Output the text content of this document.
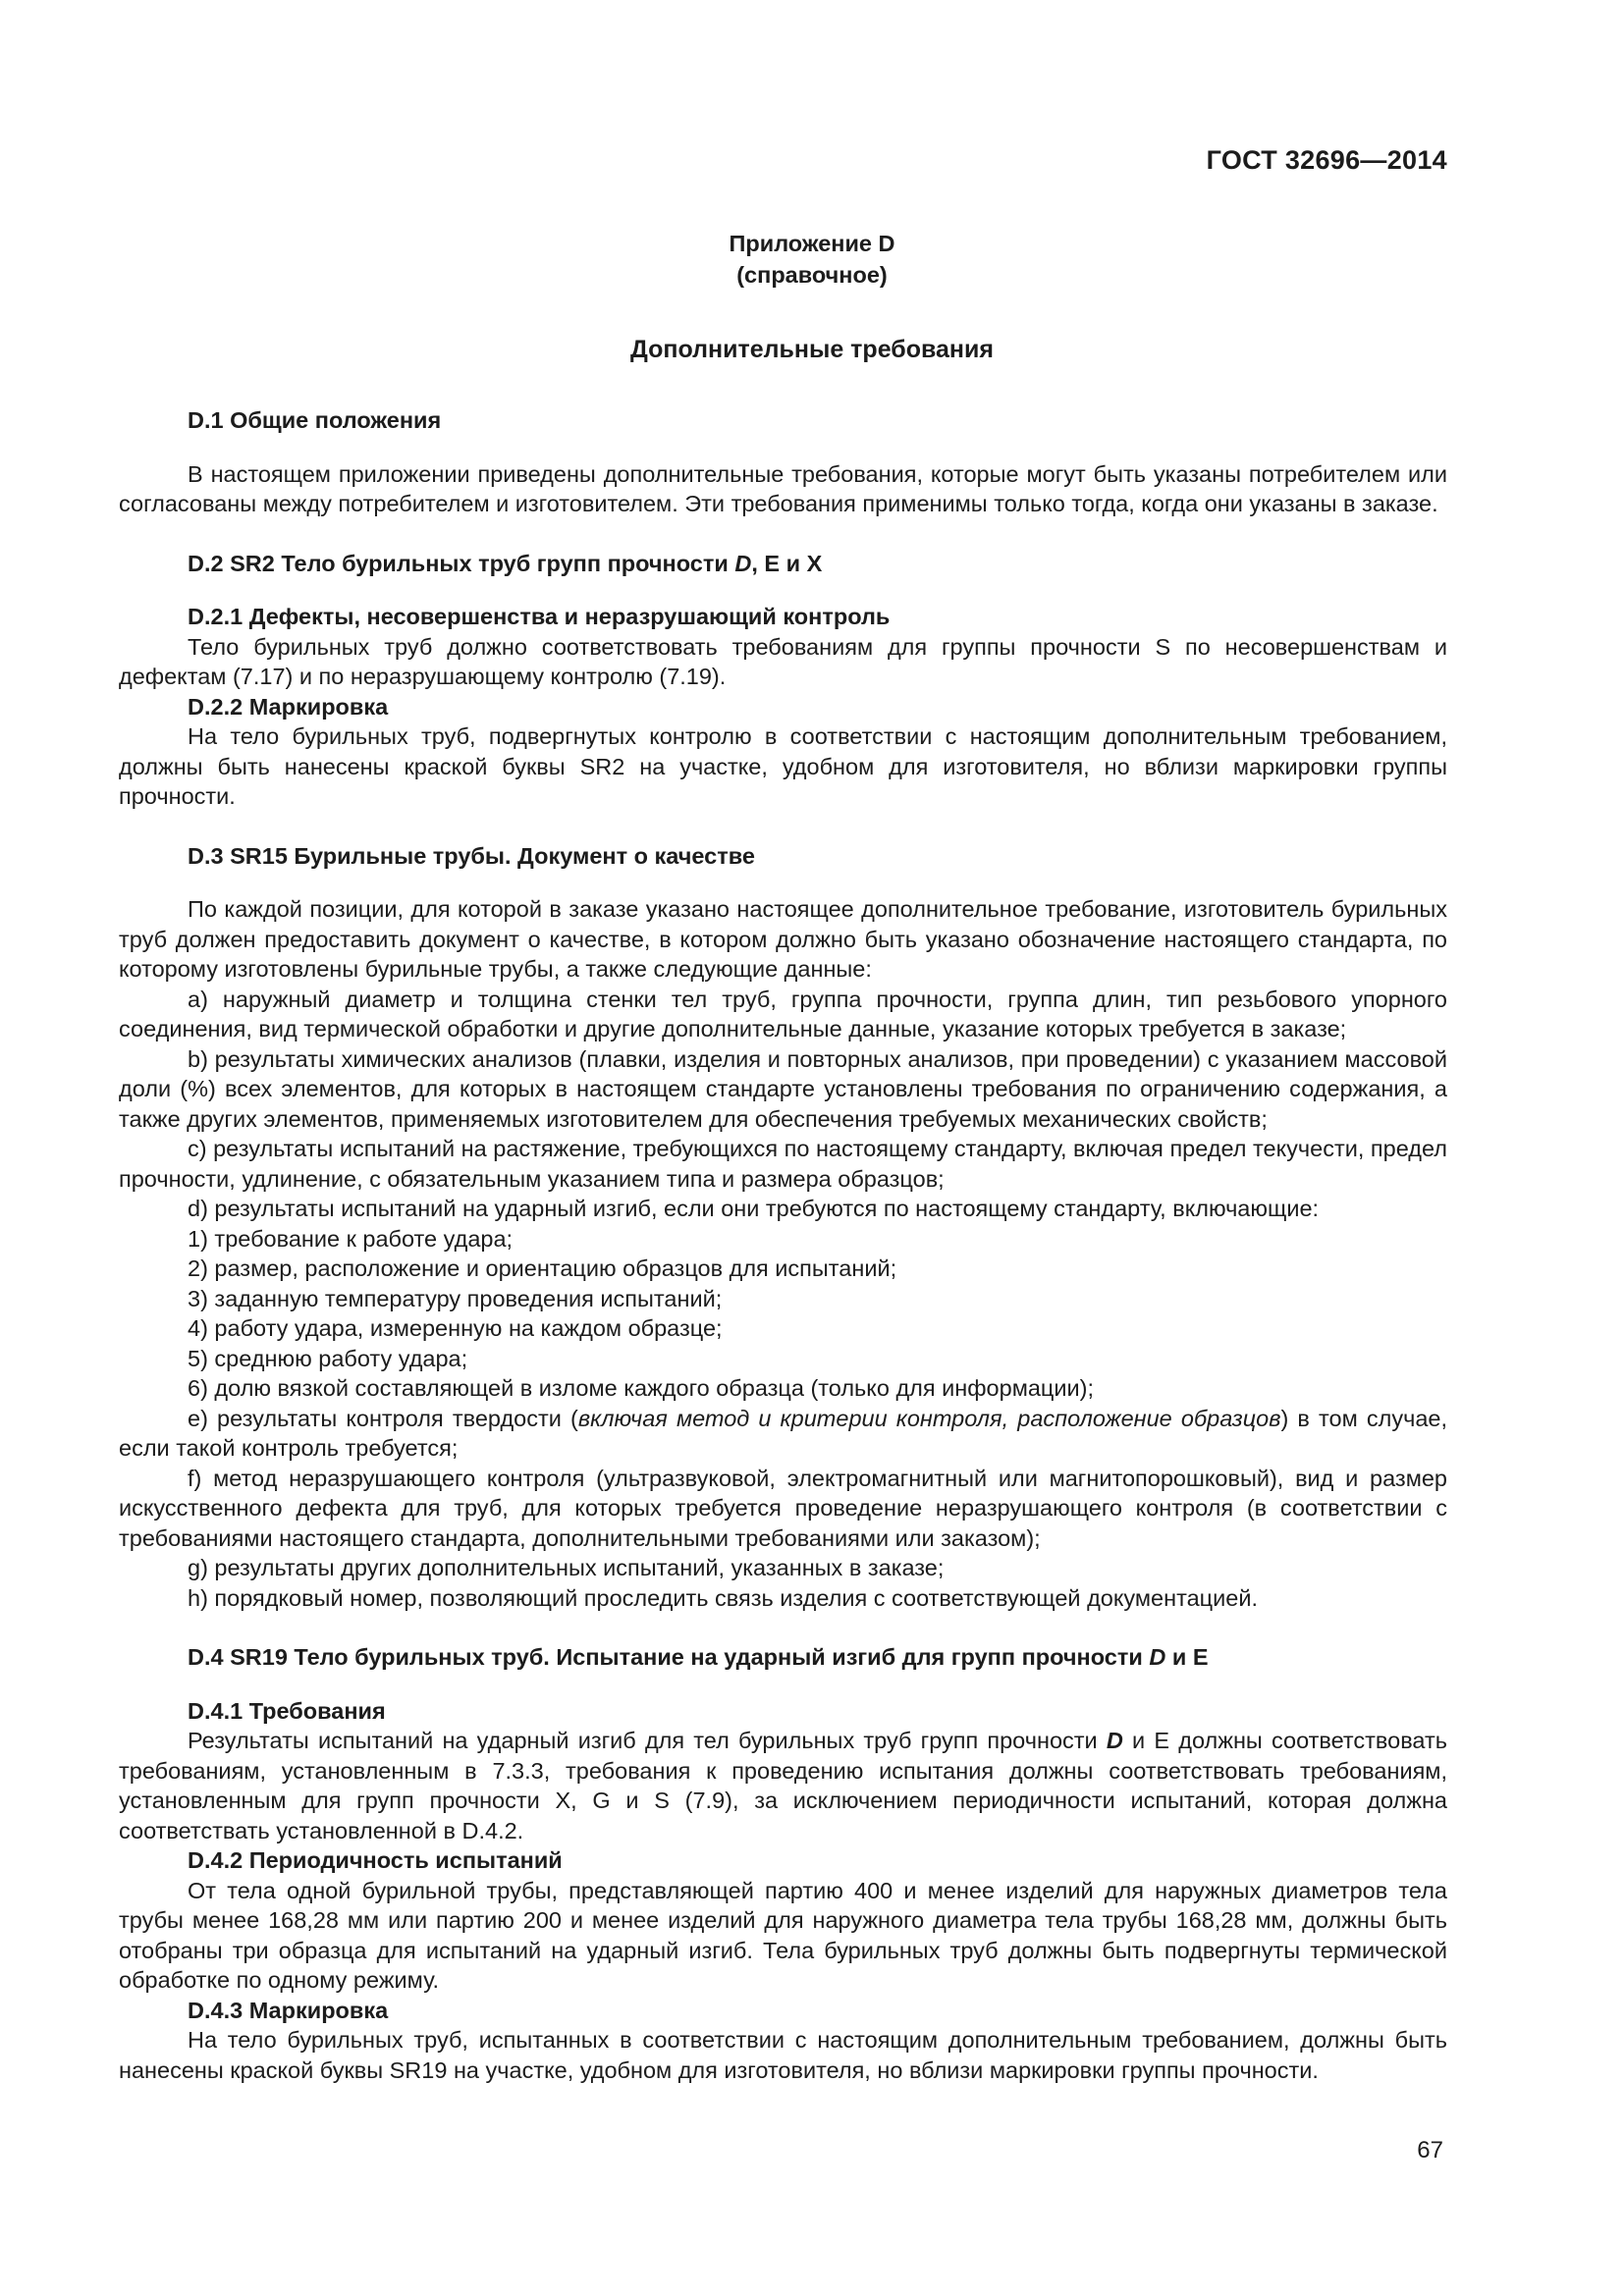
ГОСТ 32696—2014
Приложение D
(справочное)
Дополнительные требования
D.1 Общие положения

В настоящем приложении приведены дополнительные требования, которые могут быть указаны потребителем или согласованы между потребителем и изготовителем. Эти требования применимы только тогда, когда они указаны в заказе.

D.2 SR2 Тело бурильных труб групп прочности D, E и X
D.2.1 Дефекты, несовершенства и неразрушающий контроль

Тело бурильных труб должно соответствовать требованиям для группы прочности S по несовершенствам и дефектам (7.17) и по неразрушающему контролю (7.19).

D.2.2 Маркировка

На тело бурильных труб, подвергнутых контролю в соответствии с настоящим дополнительным требованием, должны быть нанесены краской буквы SR2 на участке, удобном для изготовителя, но вблизи маркировки группы прочности.

D.3 SR15 Бурильные трубы. Документ о качестве

По каждой позиции, для которой в заказе указано настоящее дополнительное требование, изготовитель бурильных труб должен предоставить документ о качестве, в котором должно быть указано обозначение настоящего стандарта, по которому изготовлены бурильные трубы, а также следующие данные:

a) наружный диаметр и толщина стенки тел труб, группа прочности, группа длин, тип резьбового упорного соединения, вид термической обработки и другие дополнительные данные, указание которых требуется в заказе;

b) результаты химических анализов (плавки, изделия и повторных анализов, при проведении) с указанием массовой доли (%) всех элементов, для которых в настоящем стандарте установлены требования по ограничению содержания, а также других элементов, применяемых изготовителем для обеспечения требуемых механических свойств;

c) результаты испытаний на растяжение, требующихся по настоящему стандарту, включая предел текучести, предел прочности, удлинение, с обязательным указанием типа и размера образцов;

d) результаты испытаний на ударный изгиб, если они требуются по настоящему стандарту, включающие:

1) требование к работе удара;

2) размер, расположение и ориентацию образцов для испытаний;

3) заданную температуру проведения испытаний;

4) работу удара, измеренную на каждом образце;

5) среднюю работу удара;

6) долю вязкой составляющей в изломе каждого образца (только для информации);

e) результаты контроля твердости (включая метод и критерии контроля, расположение образцов) в том случае, если такой контроль требуется;

f) метод неразрушающего контроля (ультразвуковой, электромагнитный или магнитопорошковый), вид и размер искусственного дефекта для труб, для которых требуется проведение неразрушающего контроля (в соответствии с требованиями настоящего стандарта, дополнительными требованиями или заказом);

g) результаты других дополнительных испытаний, указанных в заказе;

h) порядковый номер, позволяющий проследить связь изделия с соответствующей документацией.

D.4 SR19 Тело бурильных труб. Испытание на ударный изгиб для групп прочности D и E
D.4.1 Требования

Результаты испытаний на ударный изгиб для тел бурильных труб групп прочности D и E должны соответствовать требованиям, установленным в 7.3.3, требования к проведению испытания должны соответствовать требованиям, установленным для групп прочности X, G и S (7.9), за исключением периодичности испытаний, которая должна соответствать установленной в D.4.2.

D.4.2 Периодичность испытаний

От тела одной бурильной трубы, представляющей партию 400 и менее изделий для наружных диаметров тела трубы менее 168,28 мм или партию 200 и менее изделий для наружного диаметра тела трубы 168,28 мм, должны быть отобраны три образца для испытаний на ударный изгиб. Тела бурильных труб должны быть подвергнуты термической обработке по одному режиму.

D.4.3 Маркировка

На тело бурильных труб, испытанных в соответствии с настоящим дополнительным требованием, должны быть нанесены краской буквы SR19 на участке, удобном для изготовителя, но вблизи маркировки группы прочности.

67
